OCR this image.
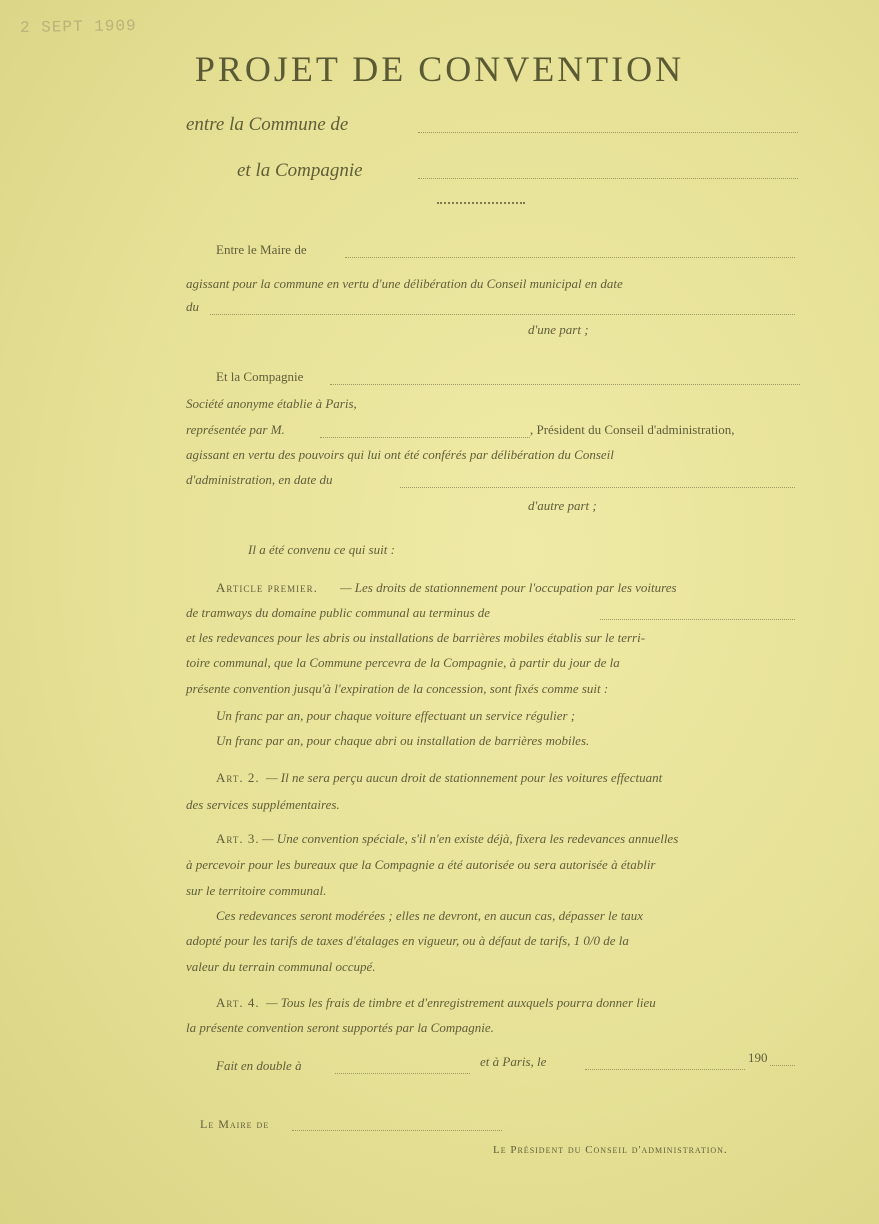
2 SEPT 1909
PROJET DE CONVENTION
entre la Commune de
et la Compagnie
Entre le Maire de
agissant pour la commune en vertu d'une délibération du Conseil municipal en date
du
d'une part ;
Et la Compagnie
Société anonyme établie à Paris,
représentée par M.	, Président du Conseil d'administration,
agissant en vertu des pouvoirs qui lui ont été conférés par délibération du Conseil
d'administration, en date du
d'autre part ;
Il a été convenu ce qui suit :
Article premier. — Les droits de stationnement pour l'occupation par les voitures
de tramways du domaine public communal au terminus de
et les redevances pour les abris ou installations de barrières mobiles établis sur le terri-
toire communal, que la Commune percevra de la Compagnie, à partir du jour de la
présente convention jusqu'à l'expiration de la concession, sont fixés comme suit :
Un franc par an, pour chaque voiture effectuant un service régulier ;
Un franc par an, pour chaque abri ou installation de barrières mobiles.
Art. 2. — Il ne sera perçu aucun droit de stationnement pour les voitures effectuant
des services supplémentaires.
Art. 3. — Une convention spéciale, s'il n'en existe déjà, fixera les redevances annuelles
à percevoir pour les bureaux que la Compagnie a été autorisée ou sera autorisée à établir
sur le territoire communal.
Ces redevances seront modérées ; elles ne devront, en aucun cas, dépasser le taux
adopté pour les tarifs de taxes d'étalages en vigueur, ou à défaut de tarifs, 1 0/0 de la
valeur du terrain communal occupé.
Art. 4. — Tous les frais de timbre et d'enregistrement auxquels pourra donner lieu
la présente convention seront supportés par la Compagnie.
Fait en double à	et à Paris, le	190
Le Maire de
Le Président du Conseil d'administration.
